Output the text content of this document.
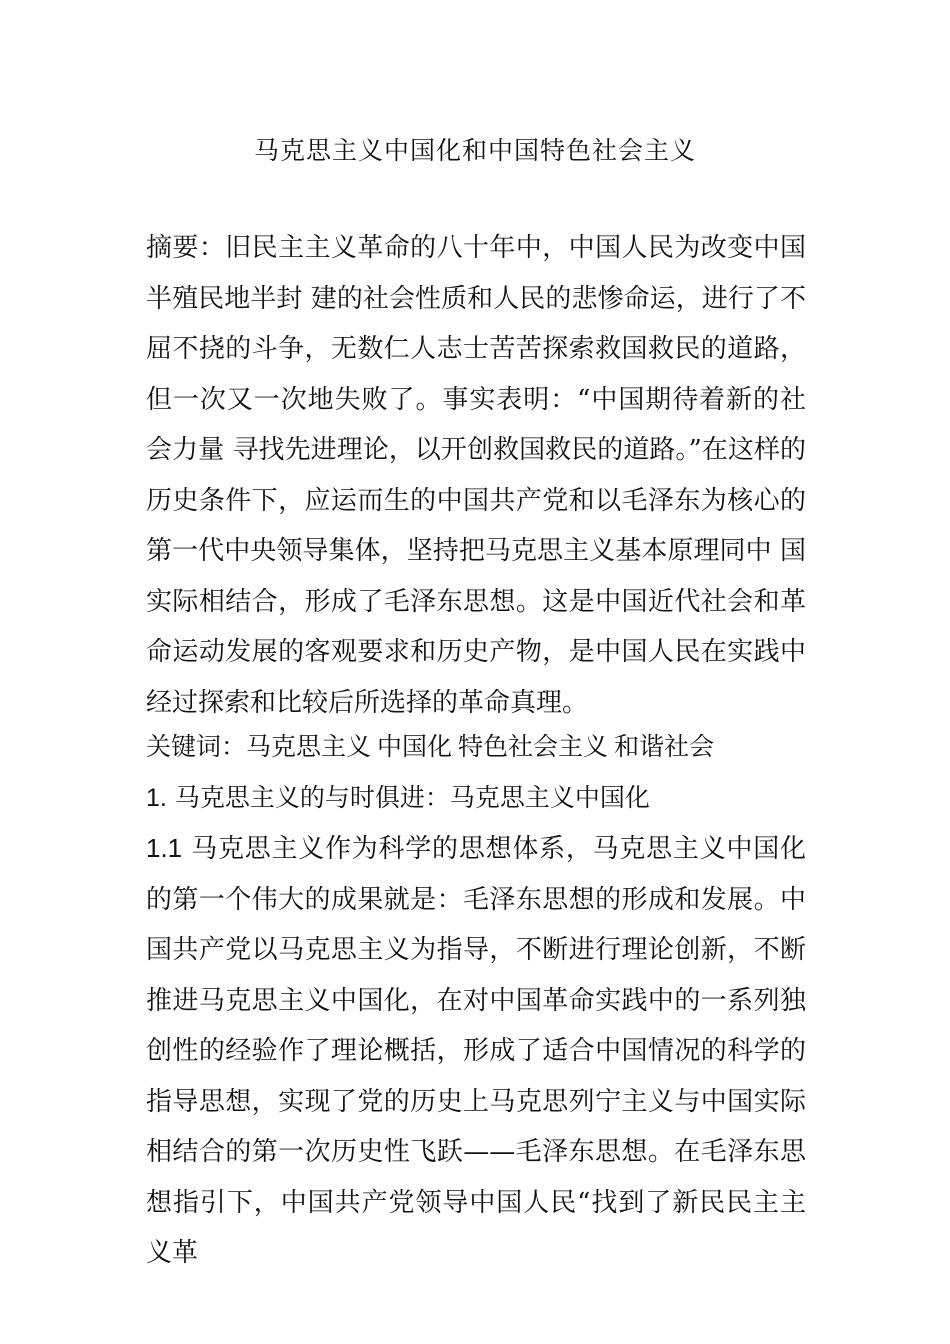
马克思主义中国化和中国特色社会主义

摘要：旧民主主义革命的八十年中，中国人民为改变中国半殖民地半封 建的社会性质和人民的悲惨命运，进行了不屈不挠的斗争，无数仁人志士苦苦探索救国救民的道路，但一次又一次地失败了。事实表明：“中国期待着新的社会力量 寻找先进理论，以开创救国救民的道路。”在这样的历史条件下，应运而生的中国共产党和以毛泽东为核心的第一代中央领导集体，坚持把马克思主义基本原理同中 国实际相结合，形成了毛泽东思想。这是中国近代社会和革命运动发展的客观要求和历史产物，是中国人民在实践中经过探索和比较后所选择的革命真理。

关键词：马克思主义 中国化 特色社会主义 和谐社会

1. 马克思主义的与时俱进：马克思主义中国化

1.1 马克思主义作为科学的思想体系，马克思主义中国化的第一个伟大的成果就是：毛泽东思想的形成和发展。中国共产党以马克思主义为指导，不断进行理论创新，不断推进马克思主义中国化，在对中国革命实践中的一系列独创性的经验作了理论概括，形成了适合中国情况的科学的指导思想，实现了党的历史上马克思列宁主义与中国实际相结合的第一次历史性飞跃——毛泽东思想。在毛泽东思想指引下，中国共产党领导中国人民“找到了新民民主主义革
